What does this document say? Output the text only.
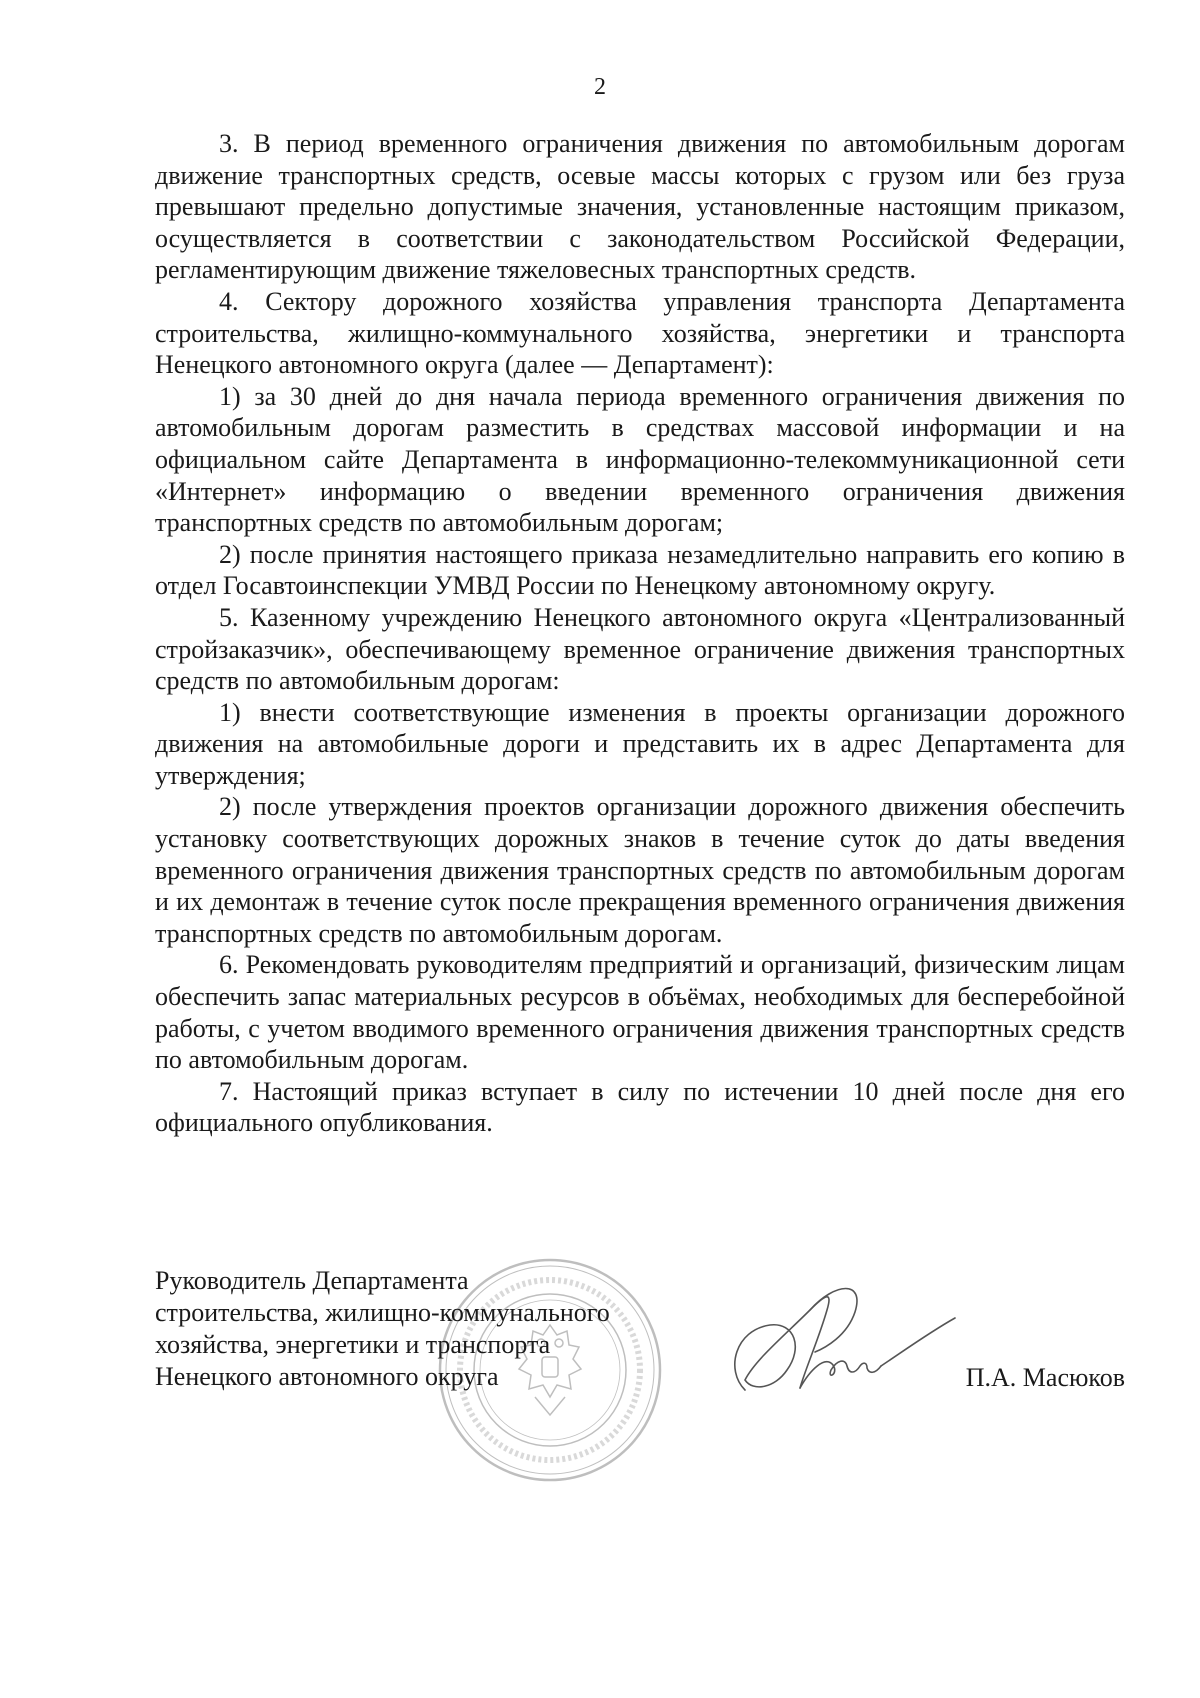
2

3. В период временного ограничения движения по автомобильным дорогам движение транспортных средств, осевые массы которых с грузом или без груза превышают предельно допустимые значения, установленные настоящим приказом, осуществляется в соответствии с законодательством Российской Федерации, регламентирующим движение тяжеловесных транспортных средств.

4. Сектору дорожного хозяйства управления транспорта Департамента строительства, жилищно-коммунального хозяйства, энергетики и транспорта Ненецкого автономного округа (далее — Департамент):

1) за 30 дней до дня начала периода временного ограничения движения по автомобильным дорогам разместить в средствах массовой информации и на официальном сайте Департамента в информационно-телекоммуникационной сети «Интернет» информацию о введении временного ограничения движения транспортных средств по автомобильным дорогам;

2) после принятия настоящего приказа незамедлительно направить его копию в отдел Госавтоинспекции УМВД России по Ненецкому автономному округу.

5. Казенному учреждению Ненецкого автономного округа «Централизованный стройзаказчик», обеспечивающему временное ограничение движения транспортных средств по автомобильным дорогам:

1) внести соответствующие изменения в проекты организации дорожного движения на автомобильные дороги и представить их в адрес Департамента для утверждения;

2) после утверждения проектов организации дорожного движения обеспечить установку соответствующих дорожных знаков в течение суток до даты введения временного ограничения движения транспортных средств по автомобильным дорогам и их демонтаж в течение суток после прекращения временного ограничения движения транспортных средств по автомобильным дорогам.

6. Рекомендовать руководителям предприятий и организаций, физическим лицам обеспечить запас материальных ресурсов в объёмах, необходимых для бесперебойной работы, с учетом вводимого временного ограничения движения транспортных средств по автомобильным дорогам.

7. Настоящий приказ вступает в силу по истечении 10 дней после дня его официального опубликования.

Руководитель Департамента
строительства, жилищно-коммунального
хозяйства, энергетики и транспорта
Ненецкого автономного округа	П.А. Масюков
